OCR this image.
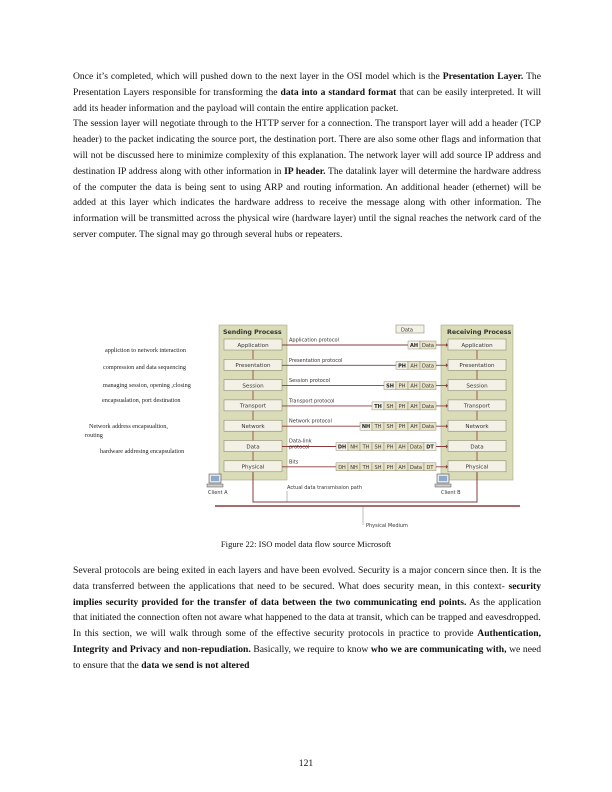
Once it’s completed, which will pushed down to the next layer in the OSI model which is the Presentation Layer. The Presentation Layers responsible for transforming the data into a standard format that can be easily interpreted. It will add its header information and the payload will contain the entire application packet.

The session layer will negotiate through to the HTTP server for a connection. The transport layer will add a header (TCP header) to the packet indicating the source port, the destination port. There are also some other flags and information that will not be discussed here to minimize complexity of this explanation. The network layer will add source IP address and destination IP address along with other information in IP header. The datalink layer will determine the hardware address of the computer the data is being sent to using ARP and routing information. An additional header (ethernet) will be added at this layer which indicates the hardware address to receive the message along with other information. The information will be transmitted across the physical wire (hardware layer) until the signal reaches the network card of the server computer. The signal may go through several hubs or repeaters.

appliction to network interaction
compression and data sequencing
managing session, opening ,closing
encapsualation, port destination
Network address encapsualtion,
routing
hardware addresing encapsulation
Sending Process	Receiving Process
Application	Application
Application protocol
AH Data
Presentation	Presentation
Presentation protocol
PH AH Data
Session	Session
Session protocol
SH PH AH Data
Transport	Transport
Transport protocol
TH SH PH AH Data
Network	Network
Network protocol
NH TH SH PH AH Data
Data	Data
Data-link
protocol	DH NH TH SH PH AH Data DT
Physical	Physical
Bits
DH NH TH SH PH AH Data DT
Data
Client A	Client B
Actual data transmission path
Physical Medium
Figure 22: ISO model data flow source Microsoft

Several protocols are being exited in each layers and have been evolved. Security is a major concern since then. It is the data transferred between the applications that need to be secured. What does security mean, in this context- security implies security provided for the transfer of data between the two communicating end points. As the application that initiated the connection often not aware what happened to the data at transit, which can be trapped and eavesdropped.

In this section, we will walk through some of the effective security protocols in practice to provide Authentication, Integrity and Privacy and non-repudiation. Basically, we require to know who we are communicating with, we need to ensure that the data we send is not altered

121
